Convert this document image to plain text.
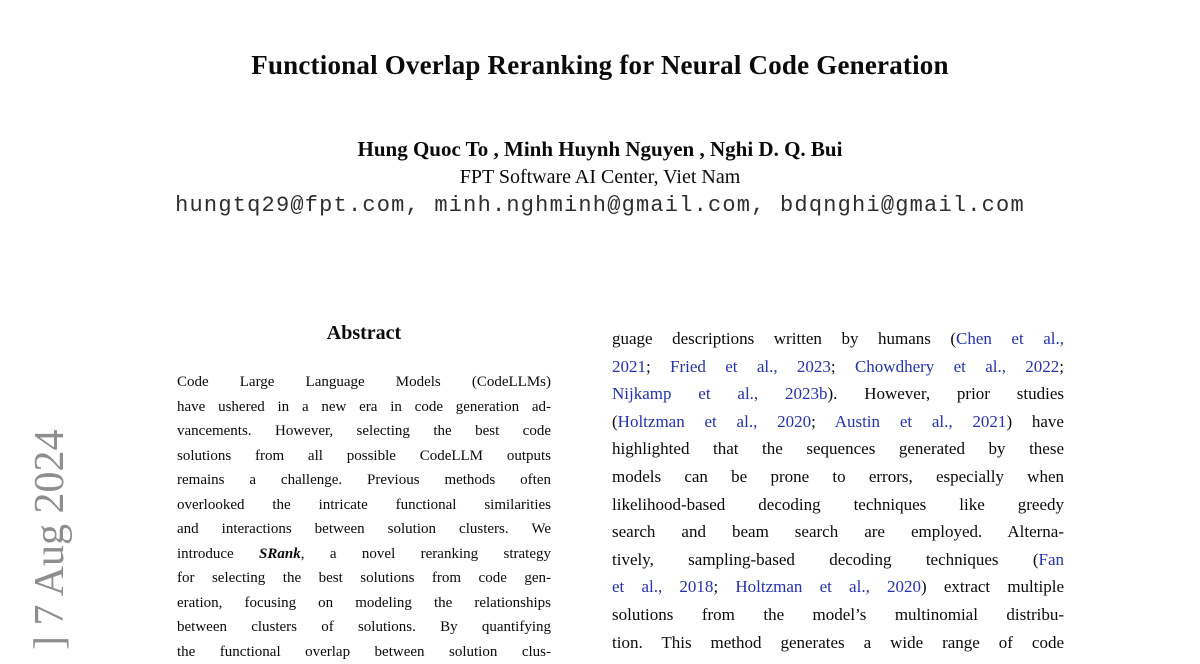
] 7 Aug 2024
Functional Overlap Reranking for Neural Code Generation
Hung Quoc To , Minh Huynh Nguyen , Nghi D. Q. Bui
FPT Software AI Center, Viet Nam
hungtq29@fpt.com, minh.nghminh@gmail.com, bdqnghi@gmail.com
Abstract
Code Large Language Models (CodeLLMs)
have ushered in a new era in code generation ad-
vancements. However, selecting the best code
solutions from all possible CodeLLM outputs
remains a challenge. Previous methods often
overlooked the intricate functional similarities
and interactions between solution clusters. We
introduce SRank, a novel reranking strategy
for selecting the best solutions from code gen-
eration, focusing on modeling the relationships
between clusters of solutions. By quantifying
the functional overlap between solution clus-
guage descriptions written by humans (Chen et al.,
2021; Fried et al., 2023; Chowdhery et al., 2022;
Nijkamp et al., 2023b). However, prior studies
(Holtzman et al., 2020; Austin et al., 2021) have
highlighted that the sequences generated by these
models can be prone to errors, especially when
likelihood-based decoding techniques like greedy
search and beam search are employed. Alterna-
tively, sampling-based decoding techniques (Fan
et al., 2018; Holtzman et al., 2020) extract multiple
solutions from the model’s multinomial distribu-
tion. This method generates a wide range of code
